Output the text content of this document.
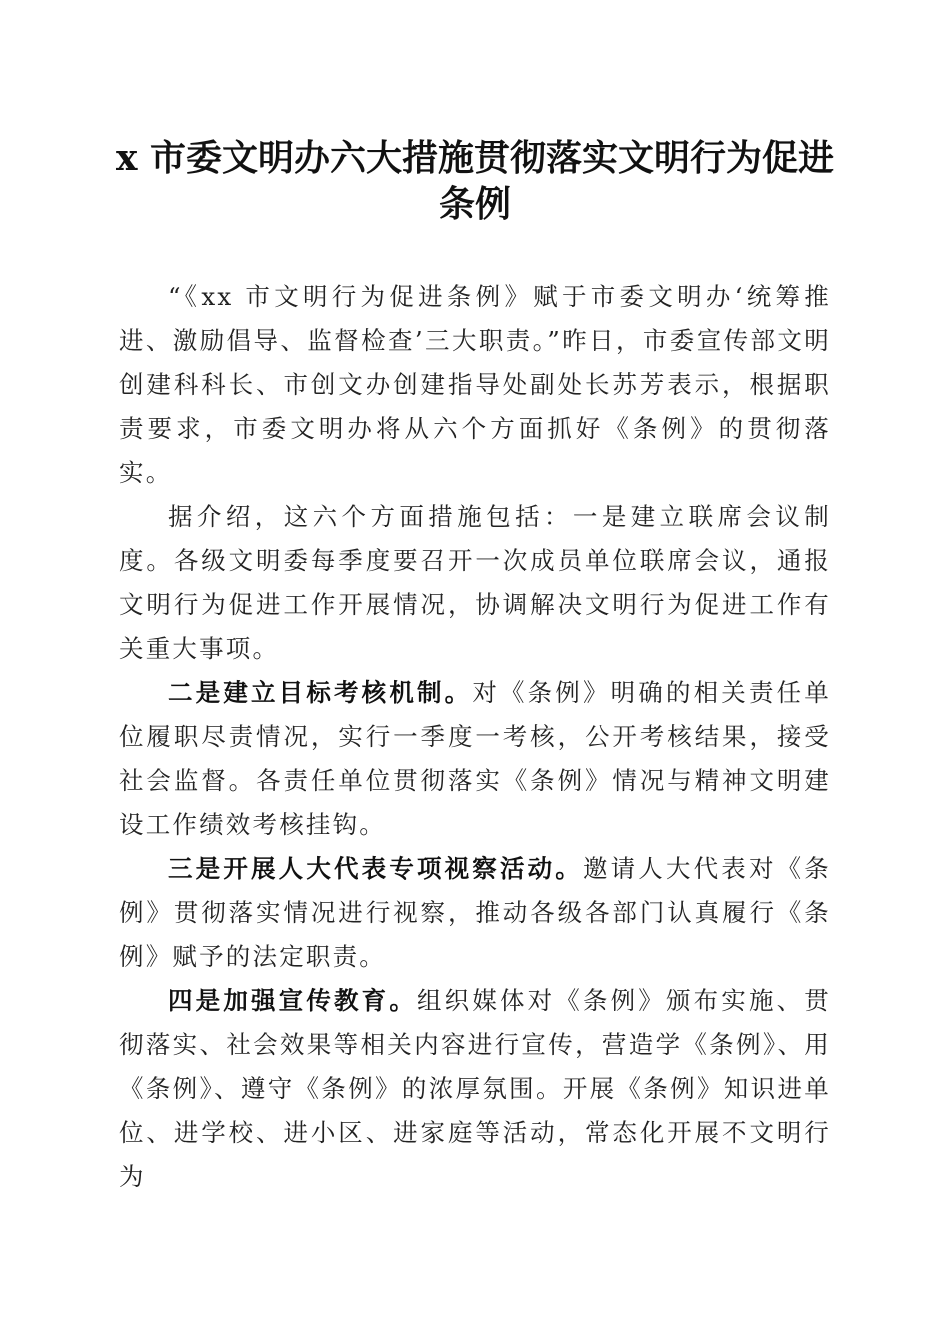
x 市委文明办六大措施贯彻落实文明行为促进
条例

“《xx 市文明行为促进条例》赋于市委文明办‘统筹推进、激励倡导、监督检查’三大职责。”昨日，市委宣传部文明创建科科长、市创文办创建指导处副处长苏芳表示，根据职责要求，市委文明办将从六个方面抓好《条例》的贯彻落实。

据介绍，这六个方面措施包括：一是建立联席会议制度。各级文明委每季度要召开一次成员单位联席会议，通报文明行为促进工作开展情况，协调解决文明行为促进工作有关重大事项。

二是建立目标考核机制。对《条例》明确的相关责任单位履职尽责情况，实行一季度一考核，公开考核结果，接受社会监督。各责任单位贯彻落实《条例》情况与精神文明建设工作绩效考核挂钩。

三是开展人大代表专项视察活动。邀请人大代表对《条例》贯彻落实情况进行视察，推动各级各部门认真履行《条例》赋予的法定职责。

四是加强宣传教育。组织媒体对《条例》颁布实施、贯彻落实、社会效果等相关内容进行宣传，营造学《条例》、用《条例》、遵守《条例》的浓厚氛围。开展《条例》知识进单位、进学校、进小区、进家庭等活动，常态化开展不文明行为
